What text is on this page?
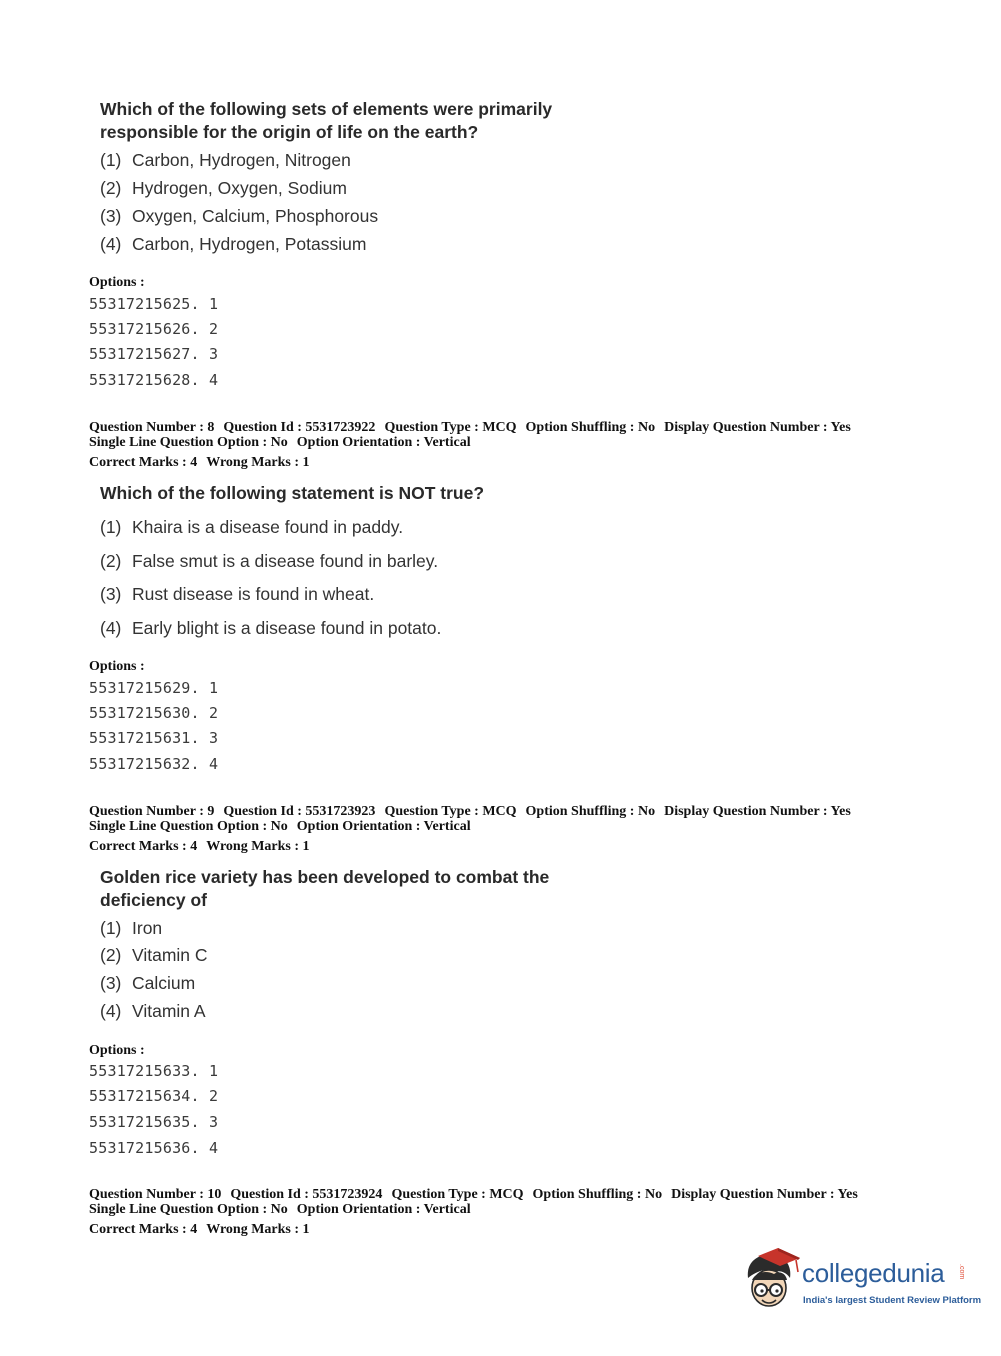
Which of the following sets of elements were primarily responsible for the origin of life on the earth?

(1) Carbon, Hydrogen, Nitrogen
(2) Hydrogen, Oxygen, Sodium
(3) Oxygen, Calcium, Phosphorous
(4) Carbon, Hydrogen, Potassium
Options :
55317215625. 1
55317215626. 2
55317215627. 3
55317215628. 4
Question Number : 8 Question Id : 5531723922 Question Type : MCQ Option Shuffling : No Display Question Number : Yes
Single Line Question Option : No Option Orientation : Vertical
Correct Marks : 4 Wrong Marks : 1

Which of the following statement is NOT true?

(1) Khaira is a disease found in paddy.
(2) False smut is a disease found in barley.
(3) Rust disease is found in wheat.
(4) Early blight is a disease found in potato.
Options :
55317215629. 1
55317215630. 2
55317215631. 3
55317215632. 4
Question Number : 9 Question Id : 5531723923 Question Type : MCQ Option Shuffling : No Display Question Number : Yes
Single Line Question Option : No Option Orientation : Vertical
Correct Marks : 4 Wrong Marks : 1

Golden rice variety has been developed to combat the deficiency of

(1) Iron
(2) Vitamin C
(3) Calcium
(4) Vitamin A
Options :
55317215633. 1
55317215634. 2
55317215635. 3
55317215636. 4
Question Number : 10 Question Id : 5531723924 Question Type : MCQ Option Shuffling : No Display Question Number : Yes
Single Line Question Option : No Option Orientation : Vertical
Correct Marks : 4 Wrong Marks : 1
collegedunia .com
India's largest Student Review Platform
